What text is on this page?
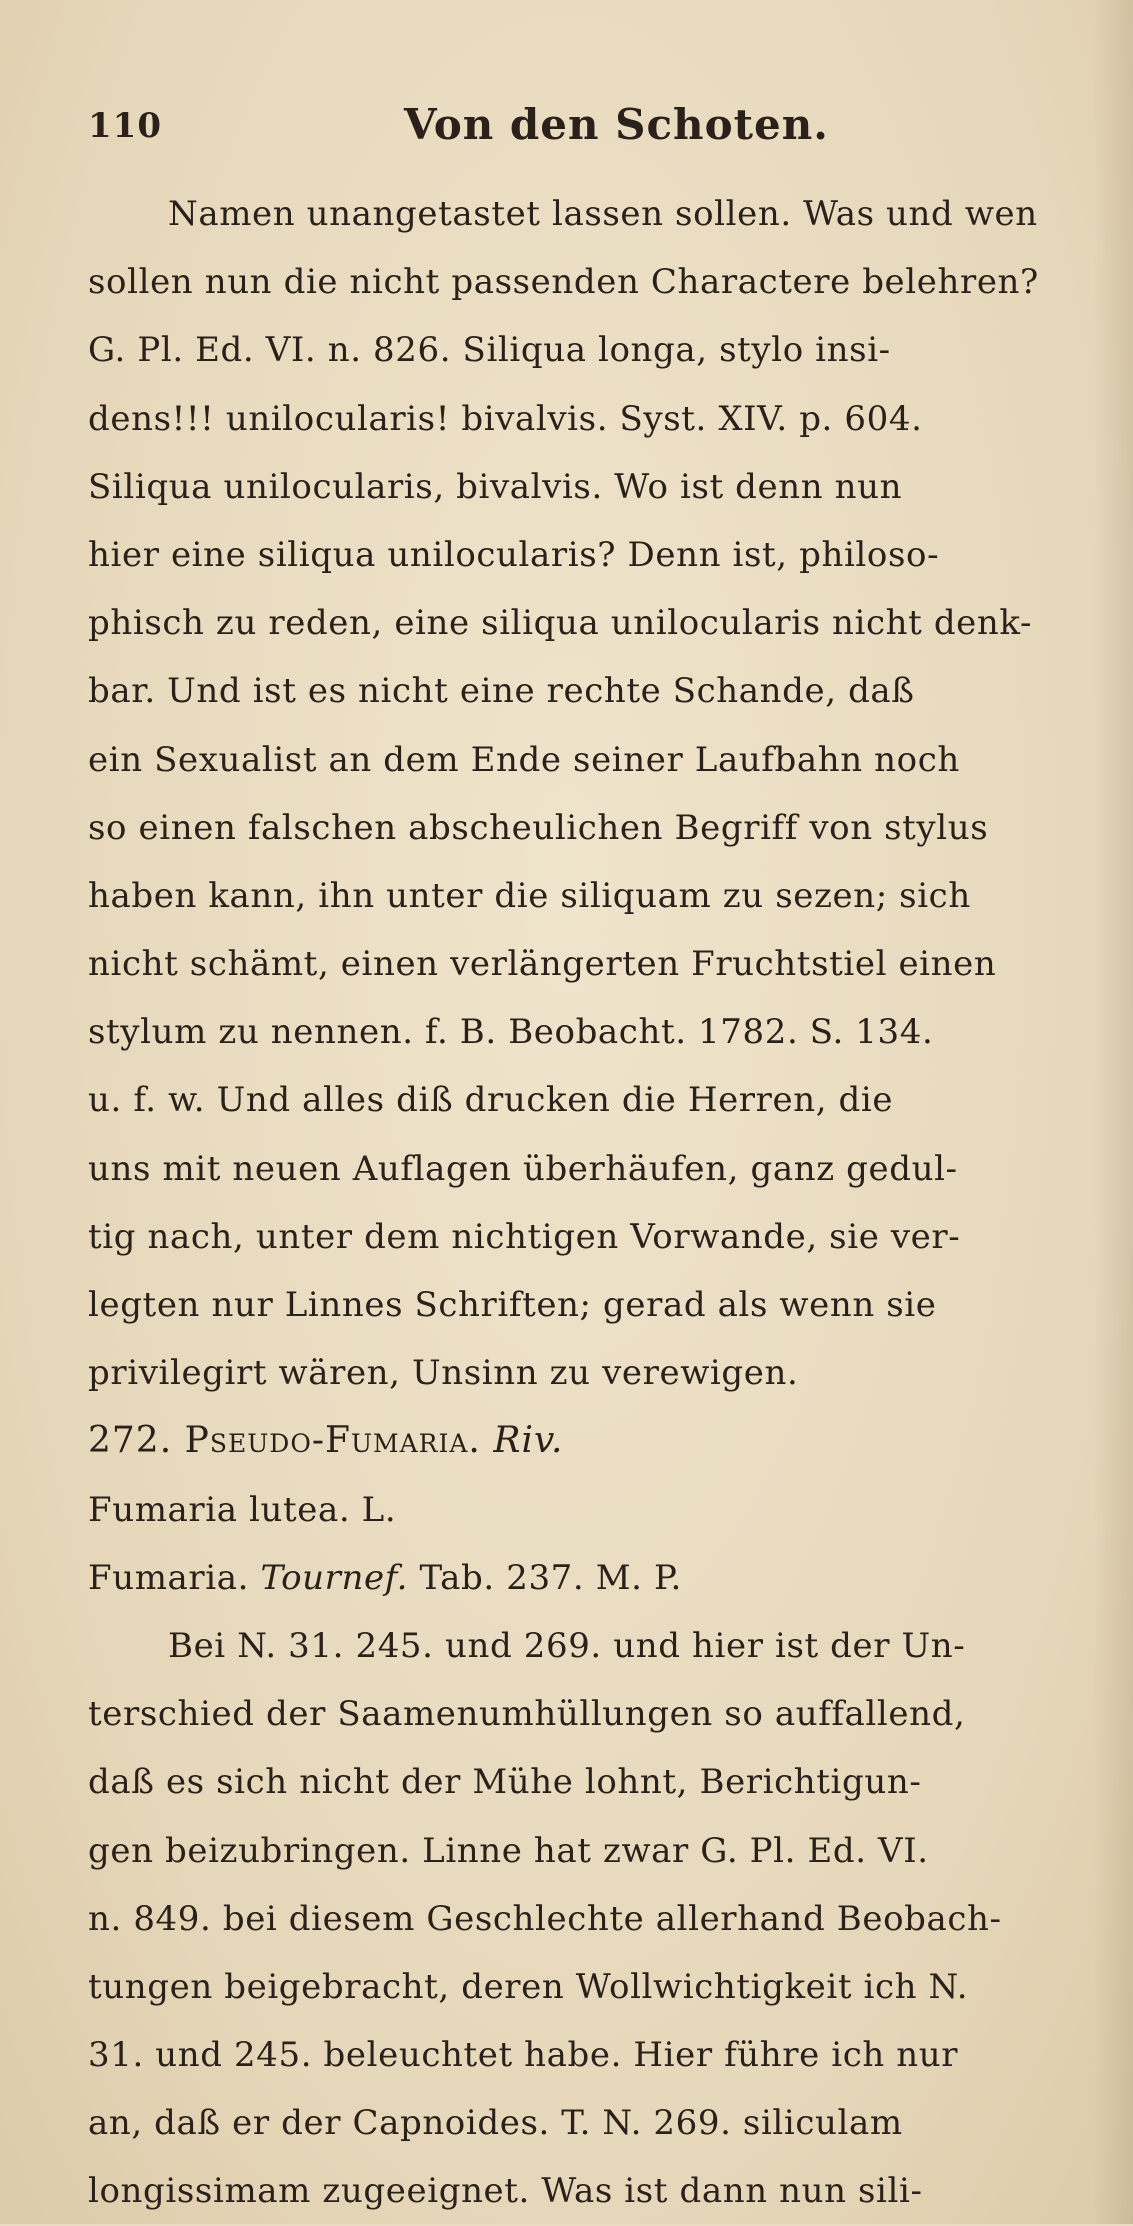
110	Von den Schoten.
Namen unangetastet lassen sollen. Was und wen
sollen nun die nicht passenden Charactere belehren?
G. Pl. Ed. VI. n. 826. Siliqua longa, stylo insi-
dens!!! unilocularis! bivalvis. Syst. XIV. p. 604.
Siliqua unilocularis, bivalvis. Wo ist denn nun
hier eine siliqua unilocularis? Denn ist, philoso-
phisch zu reden, eine siliqua unilocularis nicht denk-
bar. Und ist es nicht eine rechte Schande, daß
ein Sexualist an dem Ende seiner Laufbahn noch
so einen falschen abscheulichen Begriff von stylus
haben kann, ihn unter die siliquam zu sezen; sich
nicht schämt, einen verlängerten Fruchtstiel einen
stylum zu nennen. f. B. Beobacht. 1782. S. 134.
u. f. w. Und alles diß drucken die Herren, die
uns mit neuen Auflagen überhäufen, ganz gedul-
tig nach, unter dem nichtigen Vorwande, sie ver-
legten nur Linnes Schriften; gerad als wenn sie
privilegirt wären, Unsinn zu verewigen.
272. Pseudo-Fumaria. Riv.
Fumaria lutea. L.
Fumaria. Tournef. Tab. 237. M. P.
Bei N. 31. 245. und 269. und hier ist der Un-
terschied der Saamenumhüllungen so auffallend,
daß es sich nicht der Mühe lohnt, Berichtigun-
gen beizubringen. Linne hat zwar G. Pl. Ed. VI.
n. 849. bei diesem Geschlechte allerhand Beobach-
tungen beigebracht, deren Wollwichtigkeit ich N.
31. und 245. beleuchtet habe. Hier führe ich nur
an, daß er der Capnoides. T. N. 269. siliculam
longissimam zugeeignet. Was ist dann nun sili-
